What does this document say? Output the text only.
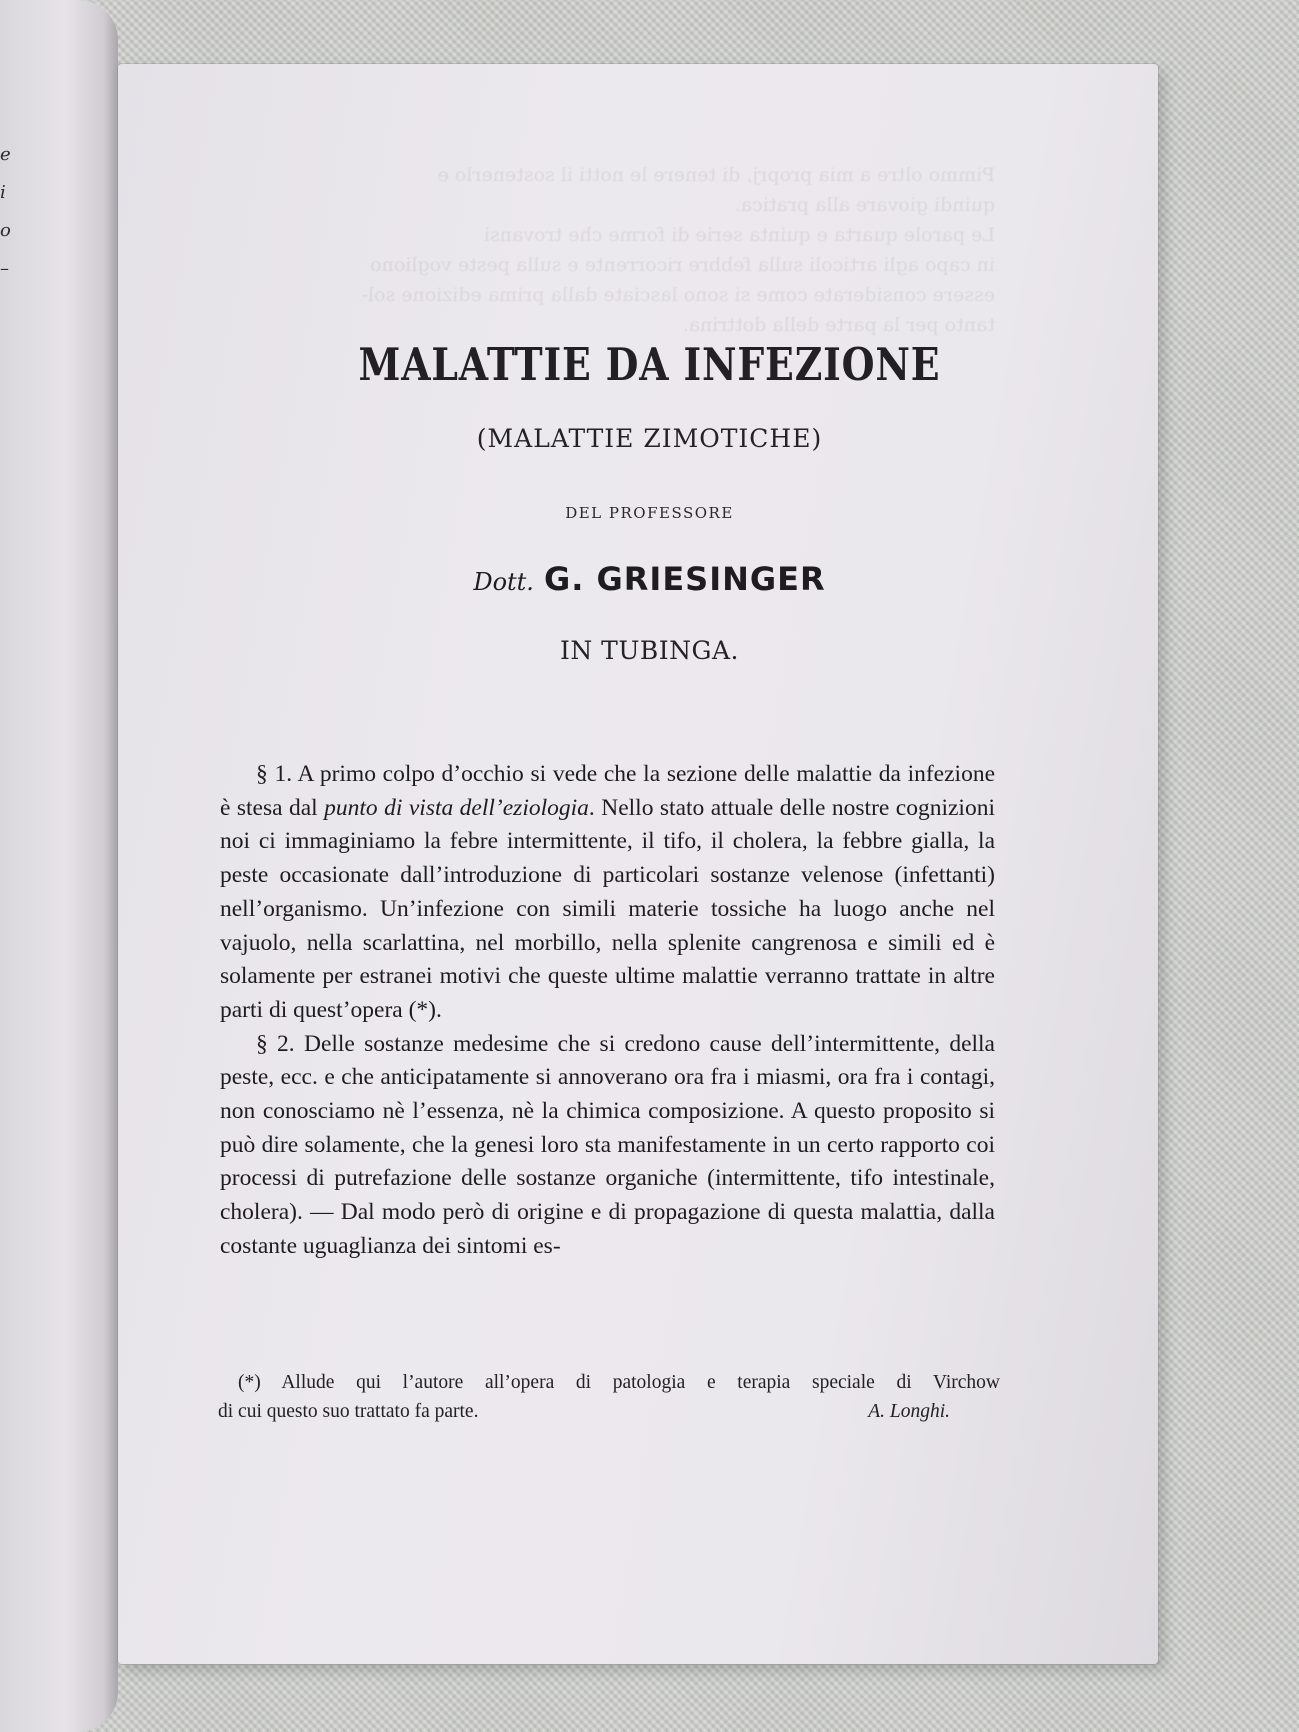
e
i
o
–
Pimmo oltre a mia proprj, di tenere le notti il sostenerlo e
quindi giovare alla pratica.
Le parole quarta e quinta serie di forme che trovansi
in capo agli articoli sulla febbre ricorrente e sulla peste vogliono
essere considerate come si sono lasciate dalla prima edizione sol-
tanto per la parte della dottrina.
MALATTIE DA INFEZIONE
(MALATTIE ZIMOTICHE)
DEL PROFESSORE
Dott. G. GRIESINGER
IN TUBINGA.

§ 1. A primo colpo d’occhio si vede che la sezione delle malattie da infezione è stesa dal punto di vista dell’eziologia. Nello stato attuale delle nostre cognizioni noi ci immaginiamo la febre intermittente, il tifo, il cholera, la febbre gialla, la peste occasionate dall’introduzione di particolari sostanze velenose (infettanti) nell’organismo. Un’infezione con simili materie tossiche ha luogo anche nel vajuolo, nella scarlattina, nel morbillo, nella splenite cangrenosa e simili ed è solamente per estranei motivi che queste ultime malattie verranno trattate in altre parti di quest’opera (*).

§ 2. Delle sostanze medesime che si credono cause dell’intermittente, della peste, ecc. e che anticipatamente si annoverano ora fra i miasmi, ora fra i contagi, non conosciamo nè l’essenza, nè la chimica composizione. A questo proposito si può dire solamente, che la genesi loro sta manifestamente in un certo rapporto coi processi di putrefazione delle sostanze organiche (intermittente, tifo intestinale, cholera). — Dal modo però di origine e di propagazione di questa malattia, dalla costante uguaglianza dei sintomi es-

(*) Allude qui l’autore all’opera di patologia e terapia speciale di Virchow
di cui questo suo trattato fa parte.	A. Longhi.
